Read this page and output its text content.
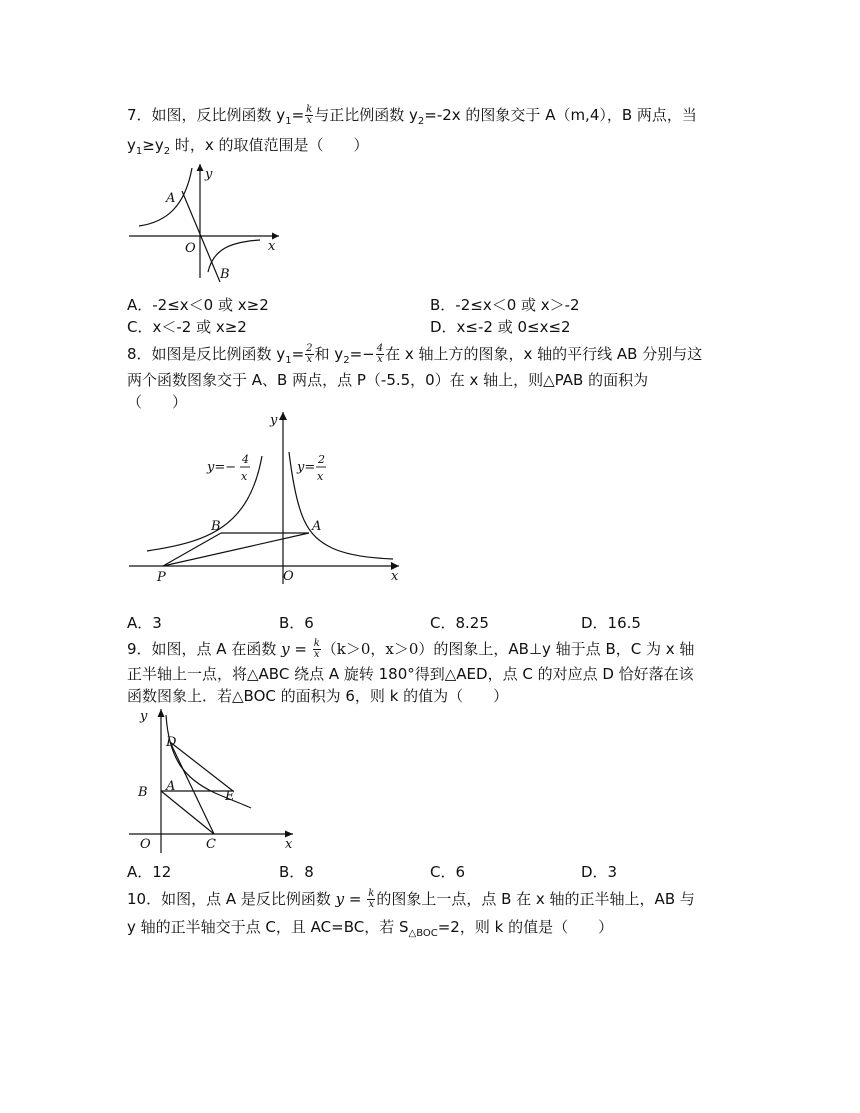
7．如图，反比例函数 $y_1= \frac{k}{x}$ 与正比例函数 $y_2=-2x$ 的图象交于 A（m,4），B 两点，当
$y_1\ge y_2$ 时，x 的取值范围是（　　）
A
y
O	x
B
A．-2≤x＜0 或 x≥2	B．-2≤x＜0 或 x＞-2
C．x＜-2 或 x≥2	D．x≤-2 或 0≤x≤2
8．如图是反比例函数 $y_1= \frac{2}{x}$ 和 $y_2=- \frac{4}{x}$ 在 x 轴上方的图象，x 轴的平行线 AB 分别与这
两个函数图象交于 A、B 两点，点 P（-5.5，0）在 x 轴上，则△PAB 的面积为
（　　）
y
y=−
4
x
y=
2
x
B	A
P	O	x
A．3	B．6	C．8.25	D．16.5
9．如图，点 A 在函数 $y = \frac{k}{x} (k>0$，x＞0）的图象上，AB⊥y 轴于点 B，C 为 x 轴
正半轴上一点，将△ABC 绕点 A 旋转 180°得到△AED，点 C 的对应点 D 恰好落在该
函数图象上．若△BOC 的面积为 6，则 k 的值为（　　）
y
D
A
B	E
O	C	x
A．12	B．8	C．6	D．3
10．如图，点 A 是反比例函数 $y = \frac{k}{x}$ 的图象上一点，点 B 在 x 轴的正半轴上，AB 与
y 轴的正半轴交于点 C，且 AC=BC，若 $S_{\triangle BOC}=2$，则 k 的值是（　　）
